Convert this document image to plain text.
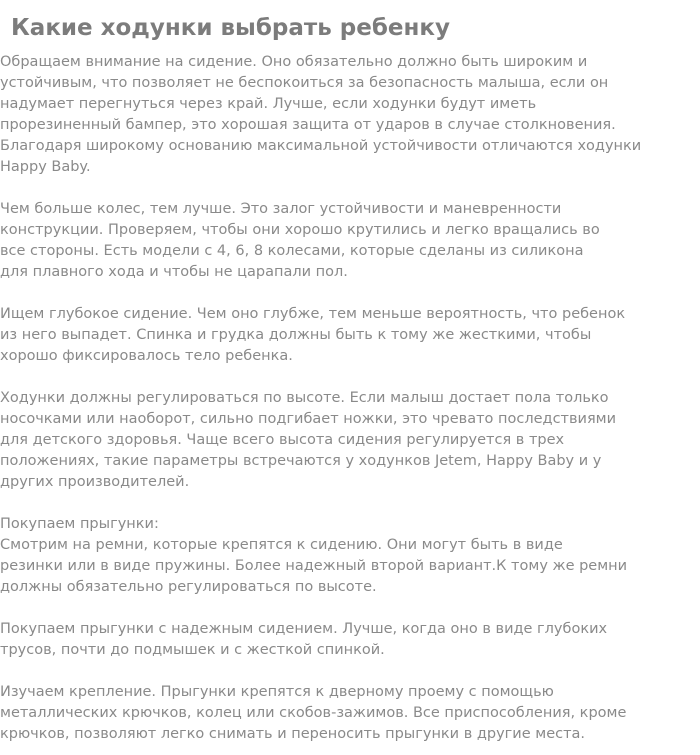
Какие ходунки выбрать ребенку

Обращаем внимание на сидение. Оно обязательно должно быть широким и
устойчивым, что позволяет не беспокоиться за безопасность малыша, если он
надумает перегнуться через край. Лучше, если ходунки будут иметь
прорезиненный бампер, это хорошая защита от ударов в случае столкновения.
Благодаря широкому основанию максимальной устойчивости отличаются ходунки
Happy Baby.

Чем больше колес, тем лучше. Это залог устойчивости и маневренности
конструкции. Проверяем, чтобы они хорошо крутились и легко вращались во
все стороны. Есть модели с 4, 6, 8 колесами, которые сделаны из силикона
для плавного хода и чтобы не царапали пол.

Ищем глубокое сидение. Чем оно глубже, тем меньше вероятность, что ребенок
из него выпадет. Спинка и грудка должны быть к тому же жесткими, чтобы
хорошо фиксировалось тело ребенка.

Ходунки должны регулироваться по высоте. Если малыш достает пола только
носочками или наоборот, сильно подгибает ножки, это чревато последствиями
для детского здоровья. Чаще всего высота сидения регулируется в трех
положениях, такие параметры встречаются у ходунков Jetem, Happy Baby и у
других производителей.

Покупаем прыгунки:
Смотрим на ремни, которые крепятся к сидению. Они могут быть в виде
резинки или в виде пружины. Более надежный второй вариант.К тому же ремни
должны обязательно регулироваться по высоте.

Покупаем прыгунки с надежным сидением. Лучше, когда оно в виде глубоких
трусов, почти до подмышек и с жесткой спинкой.

Изучаем крепление. Прыгунки крепятся к дверному проему с помощью
металлических крючков, колец или скобов-зажимов. Все приспособления, кроме
крючков, позволяют легко снимать и переносить прыгунки в другие места.
